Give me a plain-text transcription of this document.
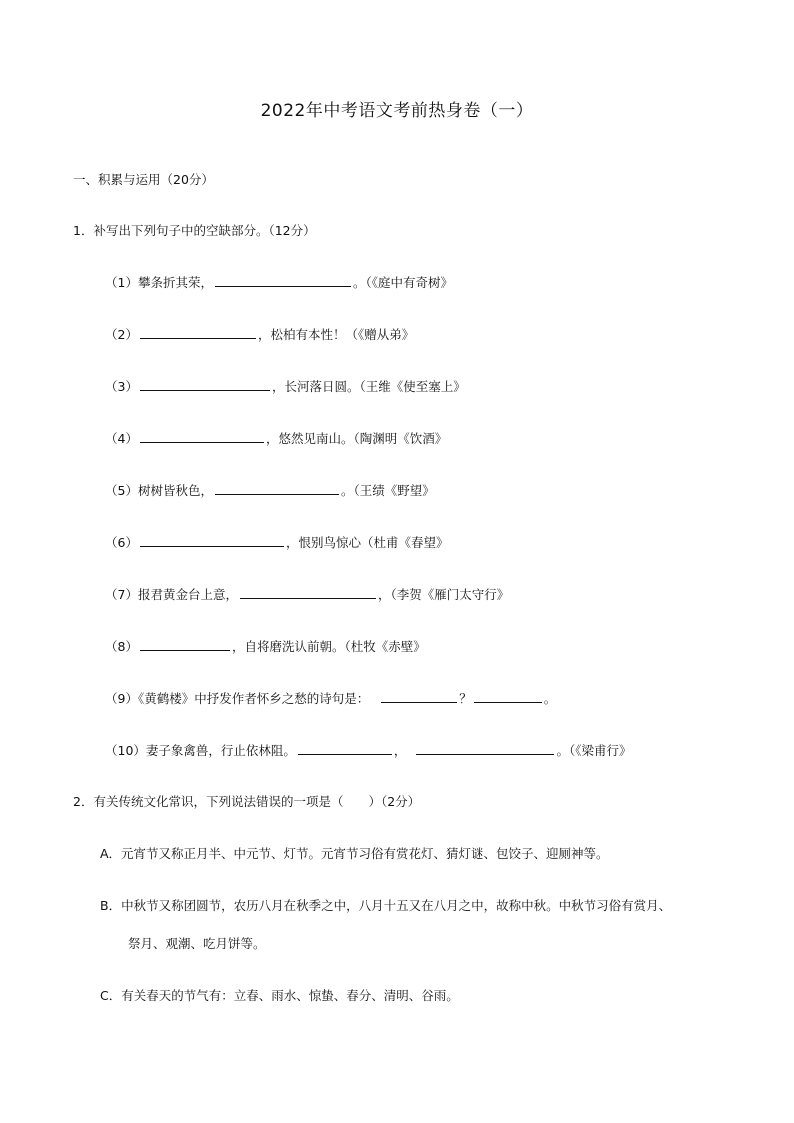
2022年中考语文考前热身卷（一）
一、积累与运用（20分）
1．补写出下列句子中的空缺部分。（12分）
（1）攀条折其荣，	。（《庭中有奇树》
（2）	，松柏有本性！（《赠从弟》
（3）	，长河落日圆。（王维《使至塞上》
（4）	，悠然见南山。（陶渊明《饮酒》
（5）树树皆秋色，	。（王绩《野望》
（6）	，恨别鸟惊心（杜甫《春望》
（7）报君黄金台上意，	，（李贺《雁门太守行》
（8）	，自将磨洗认前朝。（杜牧《赤壁》
（9）《黄鹤楼》中抒发作者怀乡之愁的诗句是：	？	。
（10）妻子象禽兽，行止依林阻。	，	。（《梁甫行》
2．有关传统文化常识，下列说法错误的一项是（　　）（2分）
A．元宵节又称正月半、中元节、灯节。元宵节习俗有赏花灯、猜灯谜、包饺子、迎厕神等。
B．中秋节又称团圆节，农历八月在秋季之中，八月十五又在八月之中，故称中秋。中秋节习俗有赏月、
祭月、观潮、吃月饼等。
C．有关春天的节气有：立春、雨水、惊蛰、春分、清明、谷雨。
